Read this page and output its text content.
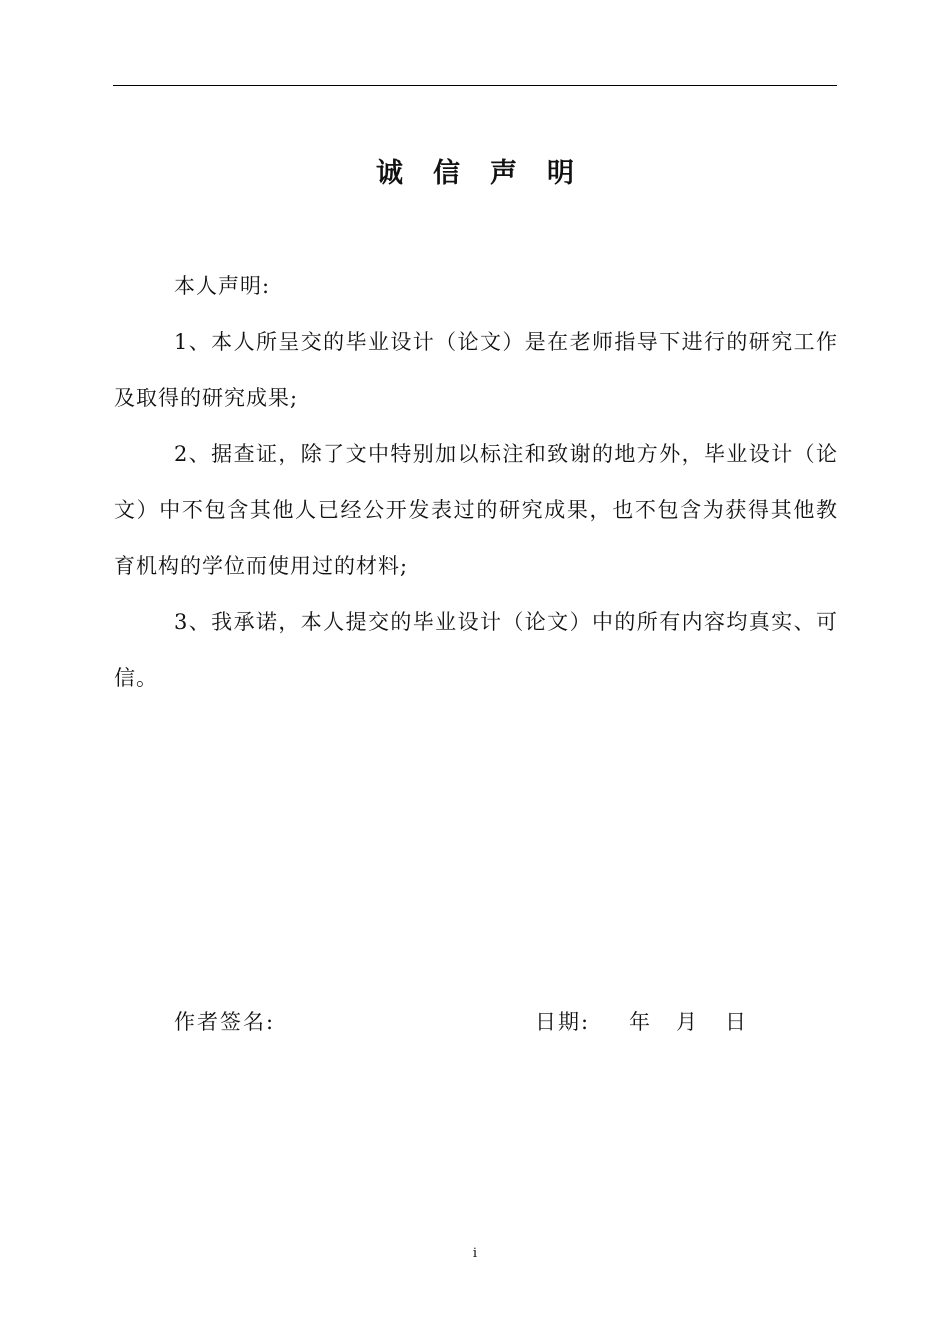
诚信声明

本人声明:

1、本人所呈交的毕业设计（论文）是在老师指导下进行的研究工作及取得的研究成果;

2、据查证，除了文中特别加以标注和致谢的地方外，毕业设计（论文）中不包含其他人已经公开发表过的研究成果，也不包含为获得其他教育机构的学位而使用过的材料;

3、我承诺，本人提交的毕业设计（论文）中的所有内容均真实、可信。

作者签名:	日期: 年 月 日
i
